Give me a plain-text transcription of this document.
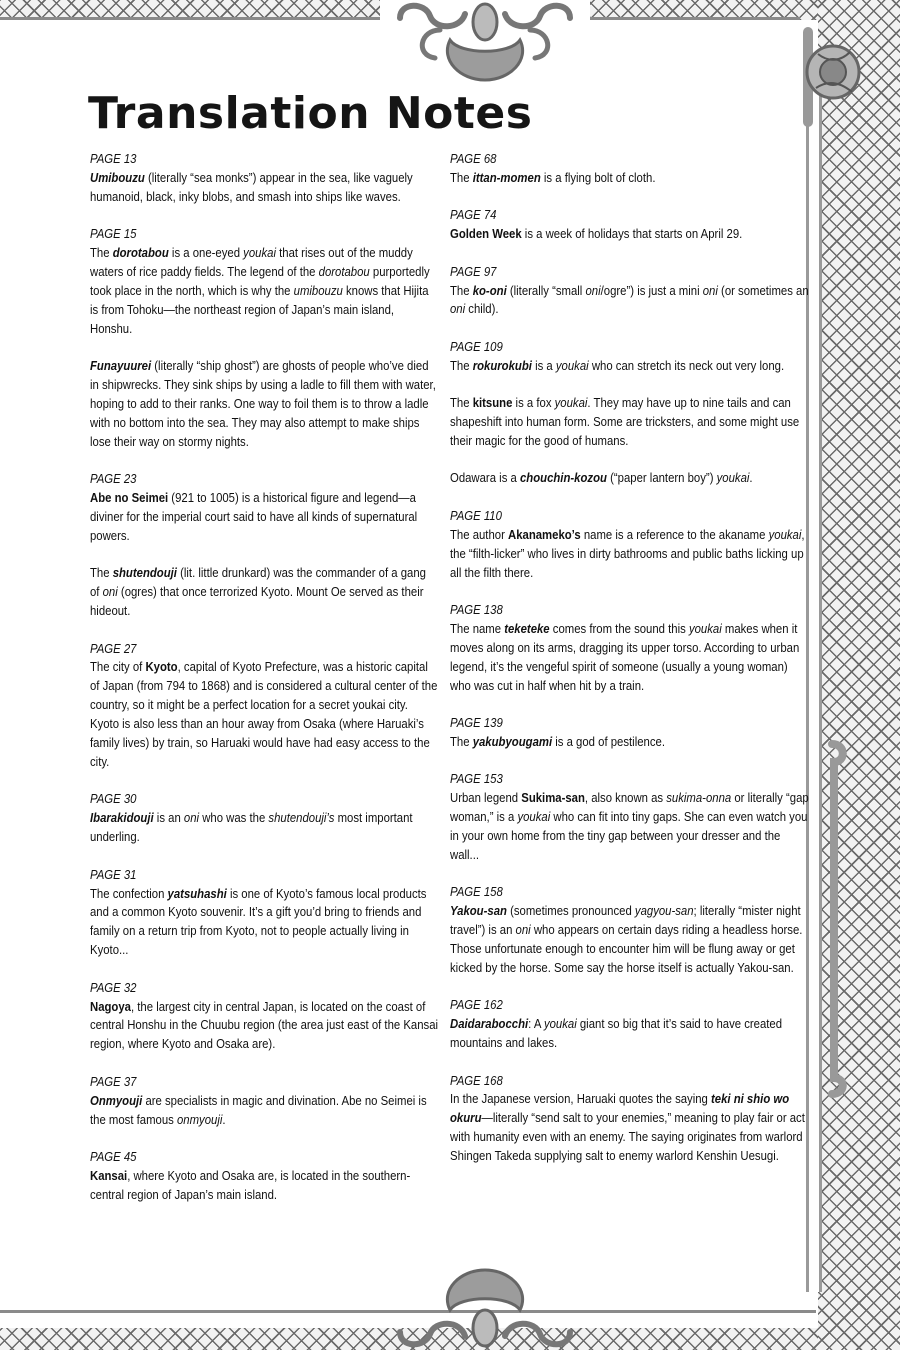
Translation Notes
PAGE 13

Umibouzu (literally “sea monks”) appear in the sea, like vaguely humanoid, black, inky blobs, and smash into ships like waves.

PAGE 15

The dorotabou is a one-eyed youkai that rises out of the muddy waters of rice paddy fields. The legend of the dorotabou purportedly took place in the north, which is why the umibouzu knows that Hijita is from Tohoku—the northeast region of Japan’s main island, Honshu.

Funayuurei (literally “ship ghost”) are ghosts of people who’ve died in shipwrecks. They sink ships by using a ladle to fill them with water, hoping to add to their ranks. One way to foil them is to throw a ladle with no bottom into the sea. They may also attempt to make ships lose their way on stormy nights.

PAGE 23

Abe no Seimei (921 to 1005) is a historical figure and legend—a diviner for the imperial court said to have all kinds of supernatural powers.

The shutendouji (lit. little drunkard) was the commander of a gang of oni (ogres) that once terrorized Kyoto. Mount Oe served as their hideout.

PAGE 27

The city of Kyoto, capital of Kyoto Prefecture, was a historic capital of Japan (from 794 to 1868) and is considered a cultural center of the country, so it might be a perfect location for a secret youkai city. Kyoto is also less than an hour away from Osaka (where Haruaki’s family lives) by train, so Haruaki would have had easy access to the city.

PAGE 30

Ibarakidouji is an oni who was the shutendouji’s most important underling.

PAGE 31

The confection yatsuhashi is one of Kyoto’s famous local products and a common Kyoto souvenir. It’s a gift you’d bring to friends and family on a return trip from Kyoto, not to people actually living in Kyoto...

PAGE 32

Nagoya, the largest city in central Japan, is located on the coast of central Honshu in the Chuubu region (the area just east of the Kansai region, where Kyoto and Osaka are).

PAGE 37

Onmyouji are specialists in magic and divination. Abe no Seimei is the most famous onmyouji.

PAGE 45

Kansai, where Kyoto and Osaka are, is located in the southern-central region of Japan’s main island.

PAGE 68

The ittan-momen is a flying bolt of cloth.

PAGE 74

Golden Week is a week of holidays that starts on April 29.

PAGE 97

The ko-oni (literally “small oni/ogre”) is just a mini oni (or sometimes an oni child).

PAGE 109

The rokurokubi is a youkai who can stretch its neck out very long.

The kitsune is a fox youkai. They may have up to nine tails and can shapeshift into human form. Some are tricksters, and some might use their magic for the good of humans.

Odawara is a chouchin-kozou (“paper lantern boy”) youkai.

PAGE 110

The author Akanameko’s name is a reference to the akaname youkai, the “filth-licker” who lives in dirty bathrooms and public baths licking up all the filth there.

PAGE 138

The name teketeke comes from the sound this youkai makes when it moves along on its arms, dragging its upper torso. According to urban legend, it’s the vengeful spirit of someone (usually a young woman) who was cut in half when hit by a train.

PAGE 139

The yakubyougami is a god of pestilence.

PAGE 153

Urban legend Sukima-san, also known as sukima-onna or literally “gap woman,” is a youkai who can fit into tiny gaps. She can even watch you in your own home from the tiny gap between your dresser and the wall...

PAGE 158

Yakou-san (sometimes pronounced yagyou-san; literally “mister night travel”) is an oni who appears on certain days riding a headless horse. Those unfortunate enough to encounter him will be flung away or get kicked by the horse. Some say the horse itself is actually Yakou-san.

PAGE 162

Daidarabocchi: A youkai giant so big that it’s said to have created mountains and lakes.

PAGE 168

In the Japanese version, Haruaki quotes the saying teki ni shio wo okuru—literally “send salt to your enemies,” meaning to play fair or act with humanity even with an enemy. The saying originates from warlord Shingen Takeda supplying salt to enemy warlord Kenshin Uesugi.
